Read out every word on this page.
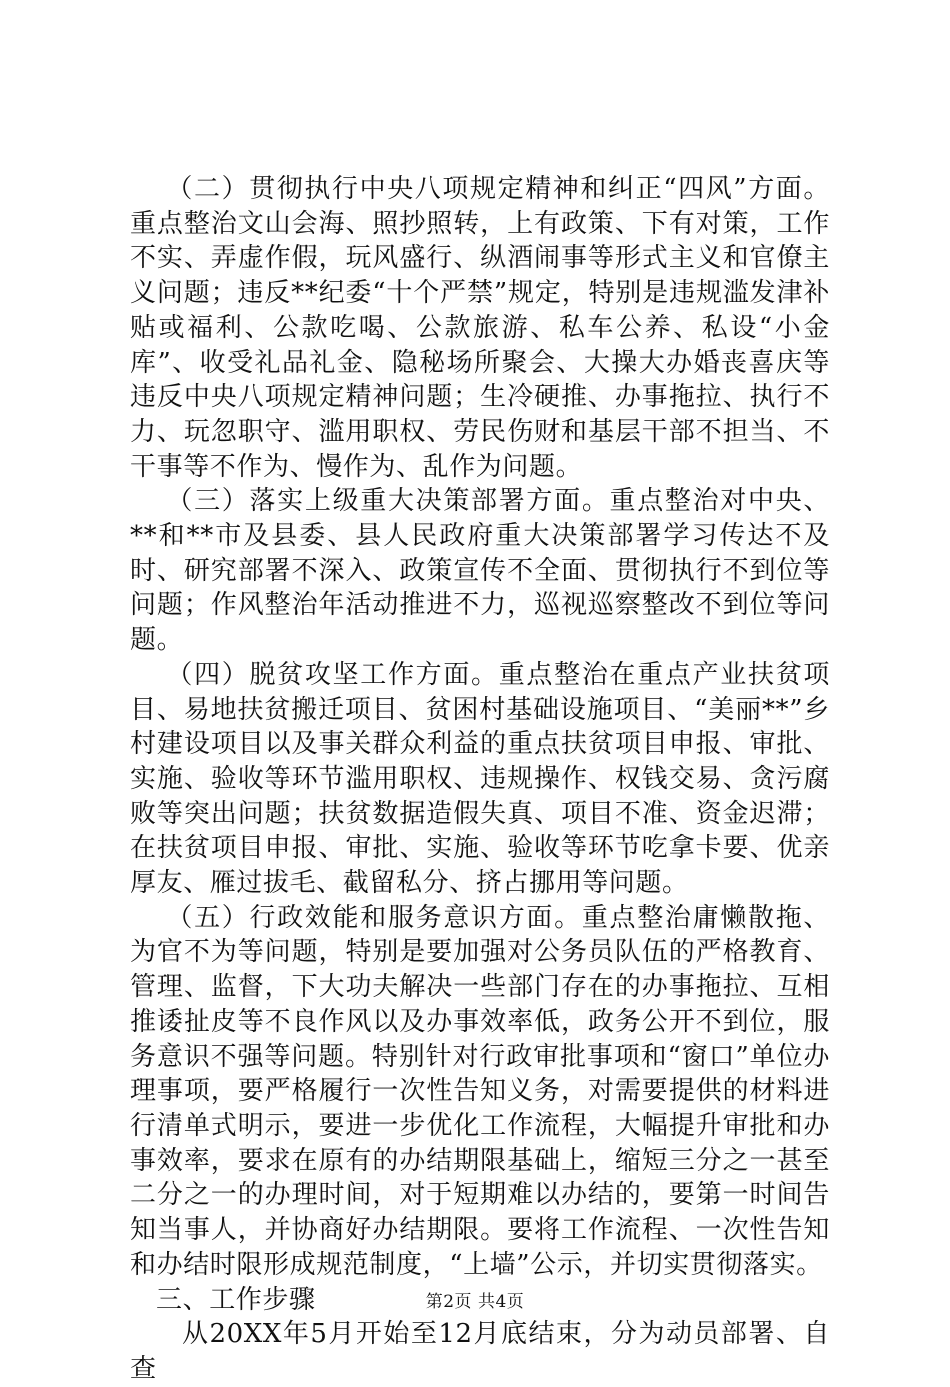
（二）贯彻执行中央八项规定精神和纠正“四风”方面。重点整治文山会海、照抄照转，上有政策、下有对策，工作不实、弄虚作假，玩风盛行、纵酒闹事等形式主义和官僚主义问题；违反**纪委“十个严禁”规定，特别是违规滥发津补贴或福利、公款吃喝、公款旅游、私车公养、私设“小金库”、收受礼品礼金、隐秘场所聚会、大操大办婚丧喜庆等违反中央八项规定精神问题；生冷硬推、办事拖拉、执行不力、玩忽职守、滥用职权、劳民伤财和基层干部不担当、不干事等不作为、慢作为、乱作为问题。

（三）落实上级重大决策部署方面。重点整治对中央、**和**市及县委、县人民政府重大决策部署学习传达不及时、研究部署不深入、政策宣传不全面、贯彻执行不到位等问题；作风整治年活动推进不力，巡视巡察整改不到位等问题。

（四）脱贫攻坚工作方面。重点整治在重点产业扶贫项目、易地扶贫搬迁项目、贫困村基础设施项目、“美丽**”乡村建设项目以及事关群众利益的重点扶贫项目申报、审批、实施、验收等环节滥用职权、违规操作、权钱交易、贪污腐败等突出问题；扶贫数据造假失真、项目不准、资金迟滞；在扶贫项目申报、审批、实施、验收等环节吃拿卡要、优亲厚友、雁过拔毛、截留私分、挤占挪用等问题。

（五）行政效能和服务意识方面。重点整治庸懒散拖、为官不为等问题，特别是要加强对公务员队伍的严格教育、管理、监督，下大功夫解决一些部门存在的办事拖拉、互相推诿扯皮等不良作风以及办事效率低，政务公开不到位，服务意识不强等问题。特别针对行政审批事项和“窗口”单位办理事项，要严格履行一次性告知义务，对需要提供的材料进行清单式明示，要进一步优化工作流程，大幅提升审批和办事效率，要求在原有的办结期限基础上，缩短三分之一甚至二分之一的办理时间，对于短期难以办结的，要第一时间告知当事人，并协商好办结期限。要将工作流程、一次性告知和办结时限形成规范制度，“上墙”公示，并切实贯彻落实。

三、工作步骤

从20XX年5月开始至12月底结束，分为动员部署、自查

第2页 共4页
